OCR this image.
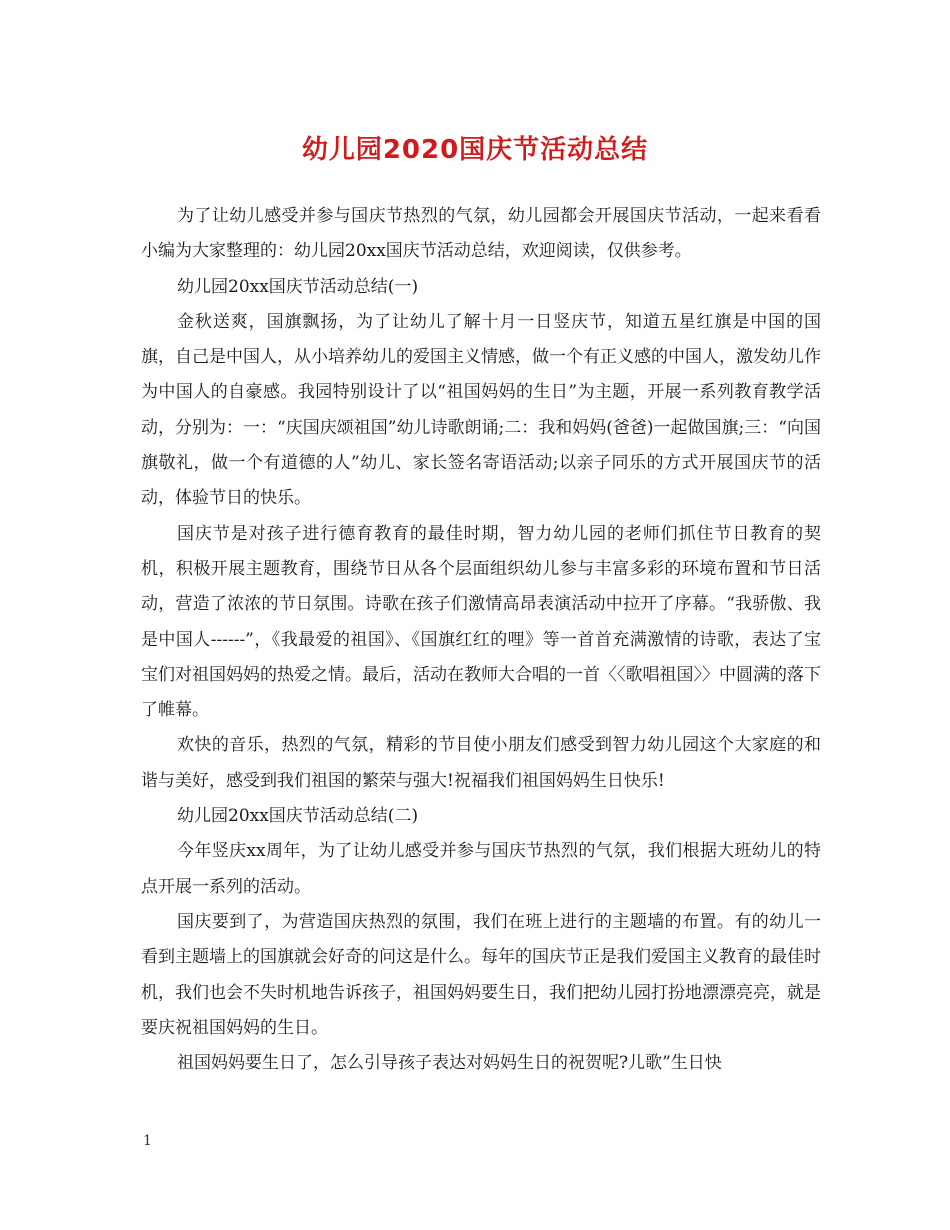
幼儿园2020国庆节活动总结

为了让幼儿感受并参与国庆节热烈的气氛，幼儿园都会开展国庆节活动，一起来看看小编为大家整理的：幼儿园20xx国庆节活动总结，欢迎阅读，仅供参考。

幼儿园20xx国庆节活动总结(一)

金秋送爽，国旗飘扬，为了让幼儿了解十月一日竖庆节，知道五星红旗是中国的国旗，自己是中国人，从小培养幼儿的爱国主义情感，做一个有正义感的中国人，激发幼儿作为中国人的自豪感。我园特别设计了以“祖国妈妈的生日”为主题，开展一系列教育教学活动，分别为：一：“庆国庆颂祖国”幼儿诗歌朗诵;二：我和妈妈(爸爸)一起做国旗;三：“向国旗敬礼，做一个有道德的人”幼儿、家长签名寄语活动;以亲子同乐的方式开展国庆节的活动，体验节日的快乐。

国庆节是对孩子进行德育教育的最佳时期，智力幼儿园的老师们抓住节日教育的契机，积极开展主题教育，围绕节日从各个层面组织幼儿参与丰富多彩的环境布置和节日活动，营造了浓浓的节日氛围。诗歌在孩子们激情高昂表演活动中拉开了序幕。“我骄傲、我是中国人------”，《我最爱的祖国》、《国旗红红的哩》等一首首充满激情的诗歌，表达了宝宝们对祖国妈妈的热爱之情。最后，活动在教师大合唱的一首〈〈歌唱祖国〉〉中圆满的落下了帷幕。

欢快的音乐，热烈的气氛，精彩的节目使小朋友们感受到智力幼儿园这个大家庭的和谐与美好，感受到我们祖国的繁荣与强大!祝福我们祖国妈妈生日快乐!

幼儿园20xx国庆节活动总结(二)

今年竖庆xx周年，为了让幼儿感受并参与国庆节热烈的气氛，我们根据大班幼儿的特点开展一系列的活动。

国庆要到了，为营造国庆热烈的氛围，我们在班上进行的主题墙的布置。有的幼儿一看到主题墙上的国旗就会好奇的问这是什么。每年的国庆节正是我们爱国主义教育的最佳时机，我们也会不失时机地告诉孩子，祖国妈妈要生日，我们把幼儿园打扮地漂漂亮亮，就是要庆祝祖国妈妈的生日。

祖国妈妈要生日了，怎么引导孩子表达对妈妈生日的祝贺呢?儿歌”生日快

1
